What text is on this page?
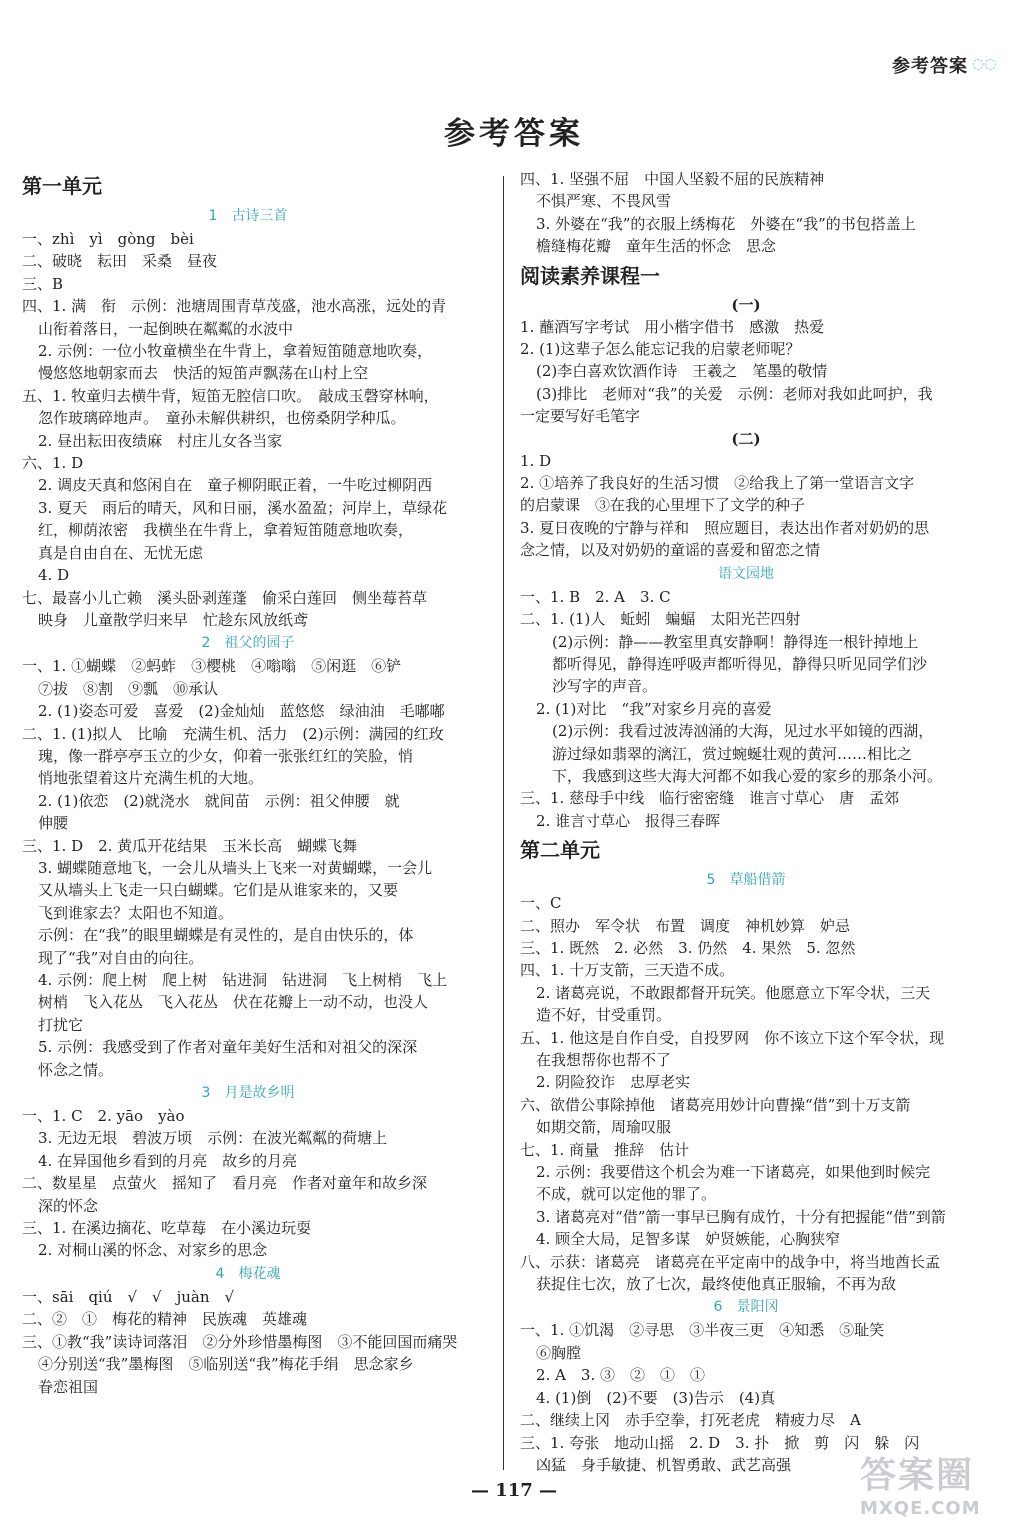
参考答案 ◌◌
参考答案
第一单元
1　古诗三首
一、zhì　yì　gòng　bèi
二、破晓　耘田　采桑　昼夜
三、B
四、1. 满　衔　示例：池塘周围青草茂盛，池水高涨，远处的青
山衔着落日，一起倒映在粼粼的水波中
2. 示例：一位小牧童横坐在牛背上，拿着短笛随意地吹奏，
慢悠悠地朝家而去　快活的短笛声飘荡在山村上空
五、1. 牧童归去横牛背，短笛无腔信口吹。　敲成玉磬穿林响，
忽作玻璃碎地声。　童孙未解供耕织，也傍桑阴学种瓜。
2. 昼出耘田夜绩麻　村庄儿女各当家
六、1. D
2. 调皮天真和悠闲自在　童子柳阴眠正着，一牛吃过柳阴西
3. 夏天　雨后的晴天，风和日丽，溪水盈盈；河岸上，草绿花
红，柳荫浓密　我横坐在牛背上，拿着短笛随意地吹奏，
真是自由自在、无忧无虑
4. D
七、最喜小儿亡赖　溪头卧剥莲蓬　偷采白莲回　侧坐莓苔草
映身　儿童散学归来早　忙趁东风放纸鸢
2　祖父的园子
一、1. ①蝴蝶　②蚂蚱　③樱桃　④嗡嗡　⑤闲逛　⑥铲
⑦拔　⑧割　⑨瓢　⑩承认
2. (1)姿态可爱　喜爱　(2)金灿灿　蓝悠悠　绿油油　毛嘟嘟
二、1. (1)拟人　比喻　充满生机、活力　(2)示例：满园的红玫
瑰，像一群亭亭玉立的少女，仰着一张张红红的笑脸，悄
悄地张望着这片充满生机的大地。
2. (1)依恋　(2)就浇水　就间苗　示例：祖父伸腰　就
伸腰
三、1. D　2. 黄瓜开花结果　玉米长高　蝴蝶飞舞
3. 蝴蝶随意地飞，一会儿从墙头上飞来一对黄蝴蝶，一会儿
又从墙头上飞走一只白蝴蝶。它们是从谁家来的，又要
飞到谁家去？太阳也不知道。
示例：在“我”的眼里蝴蝶是有灵性的，是自由快乐的，体
现了“我”对自由的向往。
4. 示例：爬上树　爬上树　钻进洞　钻进洞　飞上树梢　飞上
树梢　飞入花丛　飞入花丛　伏在花瓣上一动不动，也没人
打扰它
5. 示例：我感受到了作者对童年美好生活和对祖父的深深
怀念之情。
3　月是故乡明
一、1. C　2. yāo　yào
3. 无边无垠　碧波万顷　示例：在波光粼粼的荷塘上
4. 在异国他乡看到的月亮　故乡的月亮
二、数星星　点萤火　摇知了　看月亮　作者对童年和故乡深
深的怀念
三、1. 在溪边摘花、吃草莓　在小溪边玩耍
2. 对桐山溪的怀念、对家乡的思念
4　梅花魂
一、sāi　qiú　√　√　juàn　√
二、②　①　梅花的精神　民族魂　英雄魂
三、①教“我”读诗词落泪　②分外珍惜墨梅图　③不能回国而痛哭
④分别送“我”墨梅图　⑤临别送“我”梅花手绢　思念家乡
眷恋祖国
四、1. 坚强不屈　中国人坚毅不屈的民族精神
不惧严寒、不畏风雪
3. 外婆在“我”的衣服上绣梅花　外婆在“我”的书包搭盖上
檐缝梅花瓣　童年生活的怀念　思念
阅读素养课程一
(一)
1. 蘸酒写字考试　用小楷字借书　感激　热爱
2. (1)这辈子怎么能忘记我的启蒙老师呢？
(2)李白喜欢饮酒作诗　王羲之　笔墨的敬情
(3)排比　老师对“我”的关爱　示例：老师对我如此呵护，我
一定要写好毛笔字
(二)
1. D
2. ①培养了我良好的生活习惯　②给我上了第一堂语言文字
的启蒙课　③在我的心里埋下了文学的种子
3. 夏日夜晚的宁静与祥和　照应题目，表达出作者对奶奶的思
念之情，以及对奶奶的童谣的喜爱和留恋之情
语文园地
一、1. B　2. A　3. C
二、1. (1)人　蚯蚓　蝙蝠　太阳光芒四射
(2)示例：静——教室里真安静啊！静得连一根针掉地上
都听得见，静得连呼吸声都听得见，静得只听见同学们沙
沙写字的声音。
2. (1)对比　“我”对家乡月亮的喜爱
(2)示例：我看过波涛汹涌的大海，见过水平如镜的西湖，
游过绿如翡翠的漓江，赏过蜿蜒壮观的黄河……相比之
下，我感到这些大海大河都不如我心爱的家乡的那条小河。
三、1. 慈母手中线　临行密密缝　谁言寸草心　唐　孟郊
2. 谁言寸草心　报得三春晖
第二单元
5　草船借箭
一、C
二、照办　军令状　布置　调度　神机妙算　妒忌
三、1. 既然　2. 必然　3. 仍然　4. 果然　5. 忽然
四、1. 十万支箭，三天造不成。
2. 诸葛亮说，不敢跟都督开玩笑。他愿意立下军令状，三天
造不好，甘受重罚。
五、1. 他这是自作自受，自投罗网　你不该立下这个军令状，现
在我想帮你也帮不了
2. 阴险狡诈　忠厚老实
六、欲借公事除掉他　诸葛亮用妙计向曹操“借”到十万支箭
如期交箭，周瑜叹服
七、1. 商量　推辞　估计
2. 示例：我要借这个机会为难一下诸葛亮，如果他到时候完
不成，就可以定他的罪了。
3. 诸葛亮对“借”箭一事早已胸有成竹，十分有把握能“借”到箭
4. 顾全大局，足智多谋　妒贤嫉能，心胸狭窄
八、示获：诸葛亮　诸葛亮在平定南中的战争中，将当地酋长孟
获捉住七次，放了七次，最终使他真正服输，不再为敌
6　景阳冈
一、1. ①饥渴　②寻思　③半夜三更　④知悉　⑤耻笑
⑥胸膛
2. A　3. ③　②　①　①
4. (1)倒　(2)不要　(3)告示　(4)真
二、继续上冈　赤手空拳，打死老虎　精疲力尽　A
三、1. 夸张　地动山摇　2. D　3. 扑　掀　剪　闪　躲　闪
凶猛　身手敏捷、机智勇敢、武艺高强
— 117 —	答案圈
MXQE.COM
